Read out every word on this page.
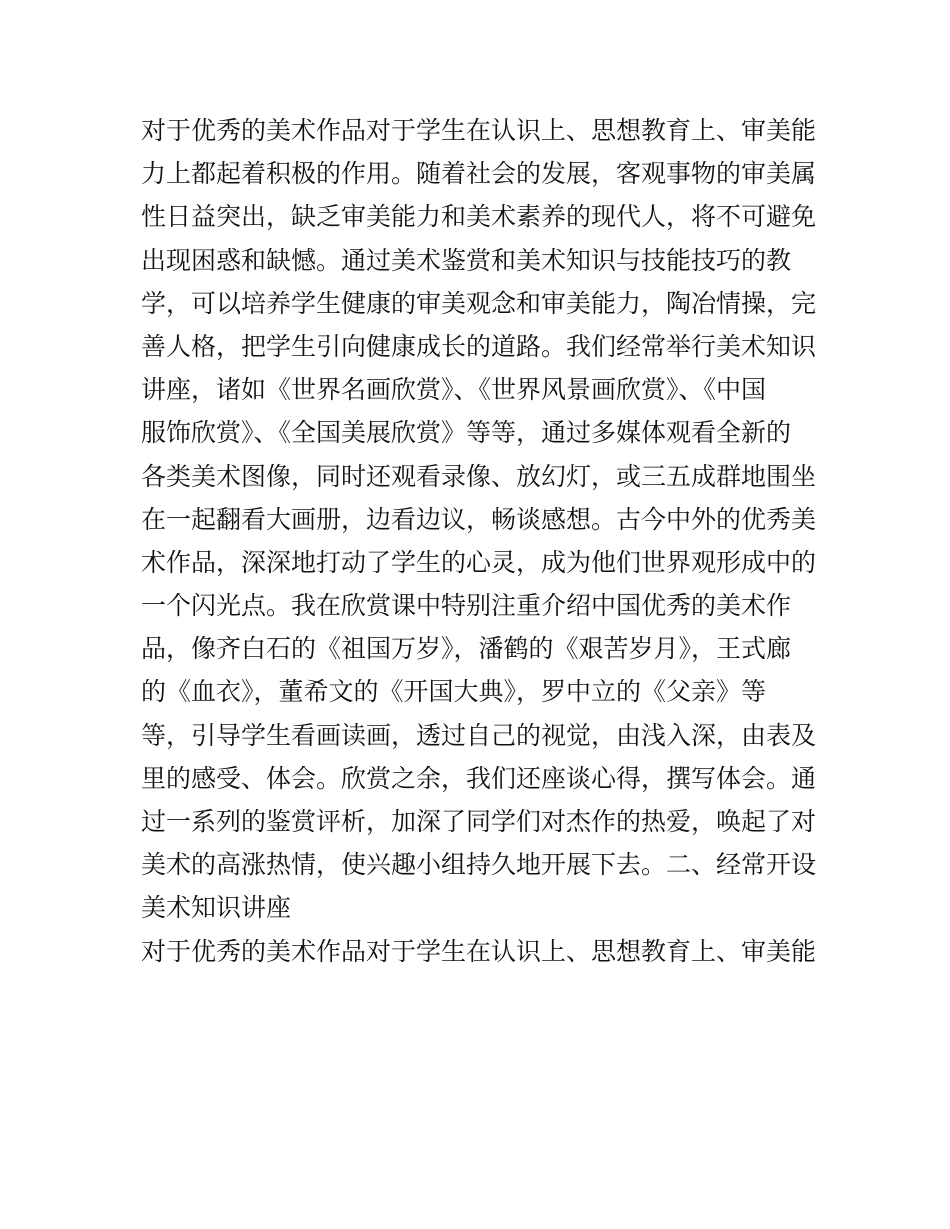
对于优秀的美术作品对于学生在认识上、思想教育上、审美能
力上都起着积极的作用。随着社会的发展，客观事物的审美属
性日益突出，缺乏审美能力和美术素养的现代人，将不可避免
出现困惑和缺憾。通过美术鉴赏和美术知识与技能技巧的教
学，可以培养学生健康的审美观念和审美能力，陶冶情操，完
善人格，把学生引向健康成长的道路。我们经常举行美术知识
讲座，诸如《世界名画欣赏》、《世界风景画欣赏》、《中国
服饰欣赏》、《全国美展欣赏》等等，通过多媒体观看全新的
各类美术图像，同时还观看录像、放幻灯，或三五成群地围坐
在一起翻看大画册，边看边议，畅谈感想。古今中外的优秀美
术作品，深深地打动了学生的心灵，成为他们世界观形成中的
一个闪光点。我在欣赏课中特别注重介绍中国优秀的美术作
品，像齐白石的《祖国万岁》，潘鹤的《艰苦岁月》，王式廊
的《血衣》，董希文的《开国大典》，罗中立的《父亲》等
等，引导学生看画读画，透过自己的视觉，由浅入深，由表及
里的感受、体会。欣赏之余，我们还座谈心得，撰写体会。通
过一系列的鉴赏评析，加深了同学们对杰作的热爱，唤起了对
美术的高涨热情，使兴趣小组持久地开展下去。二、经常开设
美术知识讲座
对于优秀的美术作品对于学生在认识上、思想教育上、审美能
